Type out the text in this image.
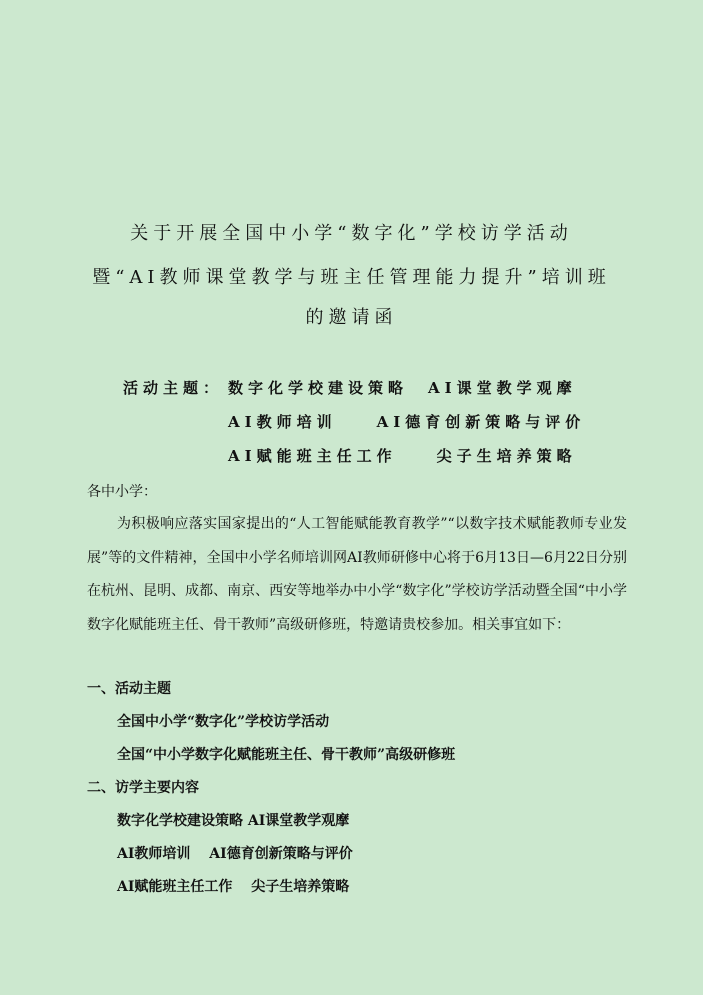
关于开展全国中小学“数字化”学校访学活动
暨“AI教师课堂教学与班主任管理能力提升”培训班
的邀请函
活动主题： 数字化学校建设策略　AI课堂教学观摩
AI教师培训　　AI德育创新策略与评价
AI赋能班主任工作　　尖子生培养策略
各中小学：

为积极响应落实国家提出的“人工智能赋能教育教学”“以数字技术赋能教师专业发展”等的文件精神，全国中小学名师培训网AI教师研修中心将于6月13日—6月22日分别在杭州、昆明、成都、南京、西安等地举办中小学“数字化”学校访学活动暨全国“中小学数字化赋能班主任、骨干教师”高级研修班，特邀请贵校参加。相关事宜如下：

一、活动主题
全国中小学“数字化”学校访学活动
全国“中小学数字化赋能班主任、骨干教师”高级研修班
二、访学主要内容
数字化学校建设策略 AI课堂教学观摩
AI教师培训　 AI德育创新策略与评价
AI赋能班主任工作　 尖子生培养策略
